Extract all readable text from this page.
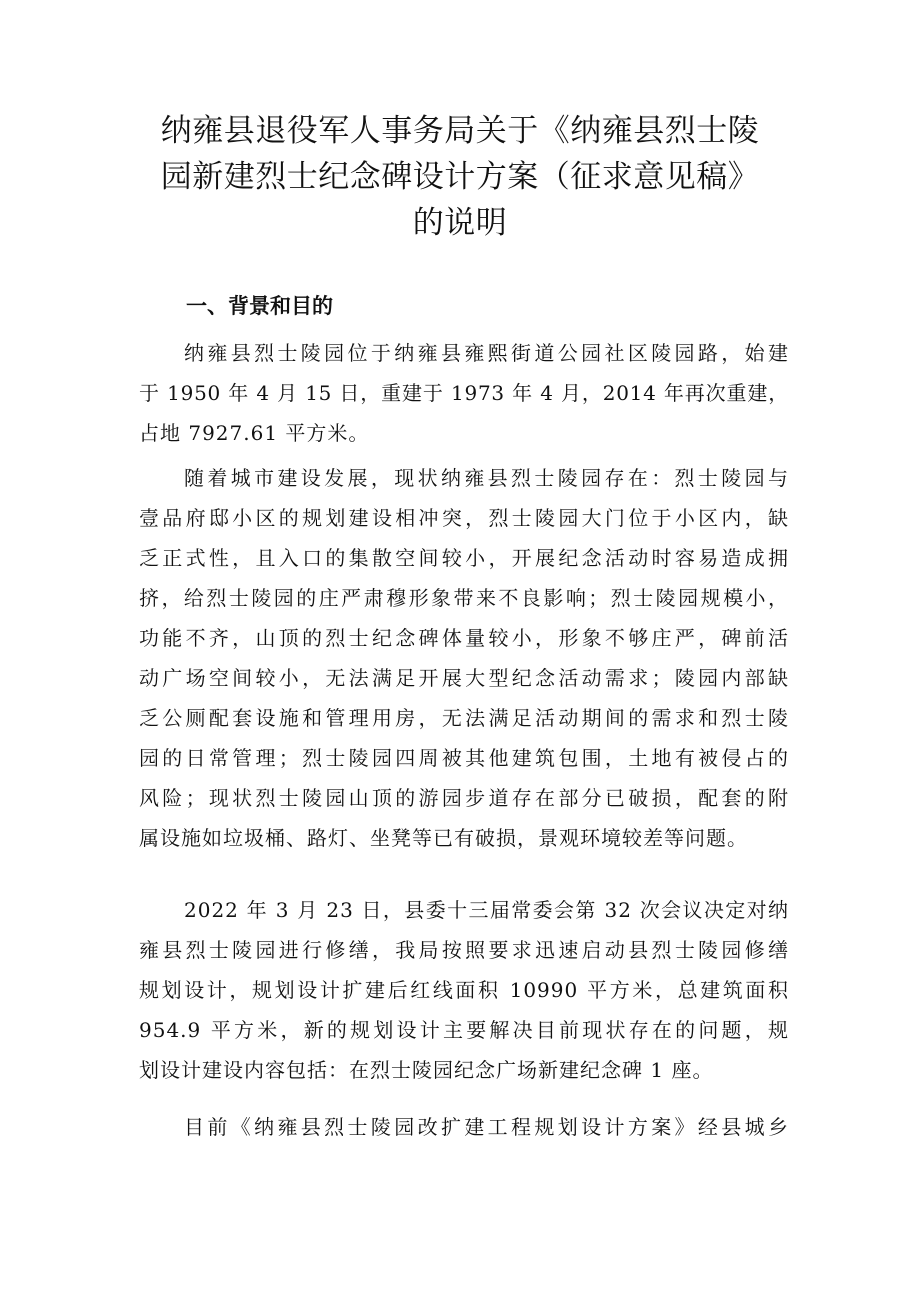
纳雍县退役军人事务局关于《纳雍县烈士陵
园新建烈士纪念碑设计方案（征求意见稿》
的说明
一、背景和目的
纳雍县烈士陵园位于纳雍县雍熙街道公园社区陵园路，始建
于 1950 年 4 月 15 日，重建于 1973 年 4 月，2014 年再次重建，
占地 7927.61 平方米。
随着城市建设发展，现状纳雍县烈士陵园存在：烈士陵园与
壹品府邸小区的规划建设相冲突，烈士陵园大门位于小区内，缺
乏正式性，且入口的集散空间较小，开展纪念活动时容易造成拥
挤，给烈士陵园的庄严肃穆形象带来不良影响；烈士陵园规模小，
功能不齐，山顶的烈士纪念碑体量较小，形象不够庄严，碑前活
动广场空间较小，无法满足开展大型纪念活动需求；陵园内部缺
乏公厕配套设施和管理用房，无法满足活动期间的需求和烈士陵
园的日常管理；烈士陵园四周被其他建筑包围，土地有被侵占的
风险；现状烈士陵园山顶的游园步道存在部分已破损，配套的附
属设施如垃圾桶、路灯、坐凳等已有破损，景观环境较差等问题。
2022 年 3 月 23 日，县委十三届常委会第 32 次会议决定对纳
雍县烈士陵园进行修缮，我局按照要求迅速启动县烈士陵园修缮
规划设计，规划设计扩建后红线面积 10990 平方米，总建筑面积
954.9 平方米，新的规划设计主要解决目前现状存在的问题，规
划设计建设内容包括：在烈士陵园纪念广场新建纪念碑 1 座。
目前《纳雍县烈士陵园改扩建工程规划设计方案》经县城乡
